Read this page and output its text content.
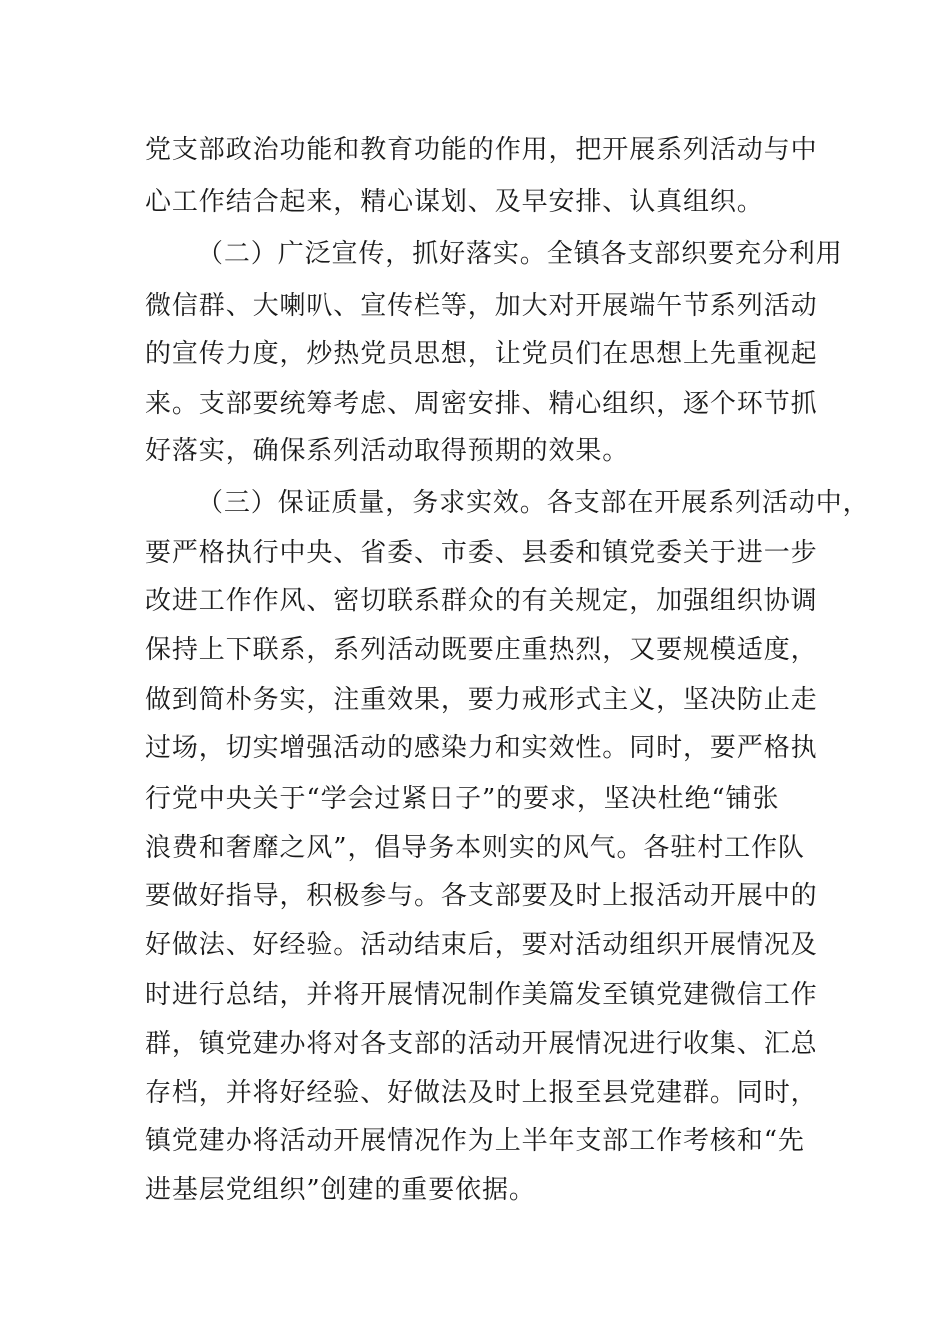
党支部政治功能和教育功能的作用，把开展系列活动与中
心工作结合起来，精心谋划、及早安排、认真组织。
（二）广泛宣传，抓好落实。全镇各支部织要充分利用
微信群、大喇叭、宣传栏等，加大对开展端午节系列活动
的宣传力度，炒热党员思想，让党员们在思想上先重视起
来。支部要统筹考虑、周密安排、精心组织，逐个环节抓
好落实，确保系列活动取得预期的效果。
（三）保证质量，务求实效。各支部在开展系列活动中，
要严格执行中央、省委、市委、县委和镇党委关于进一步
改进工作作风、密切联系群众的有关规定，加强组织协调
保持上下联系，系列活动既要庄重热烈，又要规模适度，
做到简朴务实，注重效果，要力戒形式主义，坚决防止走
过场，切实增强活动的感染力和实效性。同时，要严格执
行党中央关于“学会过紧日子”的要求，坚决杜绝“铺张
浪费和奢靡之风”，倡导务本则实的风气。各驻村工作队
要做好指导，积极参与。各支部要及时上报活动开展中的
好做法、好经验。活动结束后，要对活动组织开展情况及
时进行总结，并将开展情况制作美篇发至镇党建微信工作
群，镇党建办将对各支部的活动开展情况进行收集、汇总
存档，并将好经验、好做法及时上报至县党建群。同时，
镇党建办将活动开展情况作为上半年支部工作考核和“先
进基层党组织”创建的重要依据。
